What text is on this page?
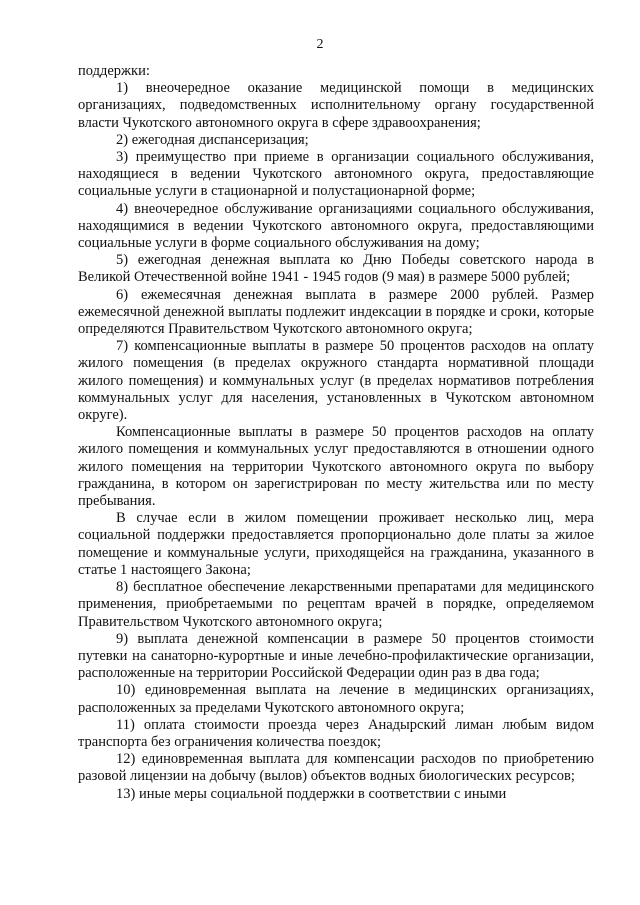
2

поддержки:

1) внеочередное оказание медицинской помощи в медицинских организациях, подведомственных исполнительному органу государственной власти Чукотского автономного округа в сфере здравоохранения;

2) ежегодная диспансеризация;

3) преимущество при приеме в организации социального обслуживания, находящиеся в ведении Чукотского автономного округа, предоставляющие социальные услуги в стационарной и полустационарной форме;

4) внеочередное обслуживание организациями социального обслуживания, находящимися в ведении Чукотского автономного округа, предоставляющими социальные услуги в форме социального обслуживания на дому;

5) ежегодная денежная выплата ко Дню Победы советского народа в Великой Отечественной войне 1941 - 1945 годов (9 мая) в размере 5000 рублей;

6) ежемесячная денежная выплата в размере 2000 рублей. Размер ежемесячной денежной выплаты подлежит индексации в порядке и сроки, которые определяются Правительством Чукотского автономного округа;

7) компенсационные выплаты в размере 50 процентов расходов на оплату жилого помещения (в пределах окружного стандарта нормативной площади жилого помещения) и коммунальных услуг (в пределах нормативов потребления коммунальных услуг для населения, установленных в Чукотском автономном округе).

Компенсационные выплаты в размере 50 процентов расходов на оплату жилого помещения и коммунальных услуг предоставляются в отношении одного жилого помещения на территории Чукотского автономного округа по выбору гражданина, в котором он зарегистрирован по месту жительства или по месту пребывания.

В случае если в жилом помещении проживает несколько лиц, мера социальной поддержки предоставляется пропорционально доле платы за жилое помещение и коммунальные услуги, приходящейся на гражданина, указанного в статье 1 настоящего Закона;

8) бесплатное обеспечение лекарственными препаратами для медицинского применения, приобретаемыми по рецептам врачей в порядке, определяемом Правительством Чукотского автономного округа;

9) выплата денежной компенсации в размере 50 процентов стоимости путевки на санаторно-курортные и иные лечебно-профилактические организации, расположенные на территории Российской Федерации один раз в два года;

10) единовременная выплата на лечение в медицинских организациях, расположенных за пределами Чукотского автономного округа;

11) оплата стоимости проезда через Анадырский лиман любым видом транспорта без ограничения количества поездок;

12) единовременная выплата для компенсации расходов по приобретению разовой лицензии на добычу (вылов) объектов водных биологических ресурсов;

13) иные меры социальной поддержки в соответствии с иными
